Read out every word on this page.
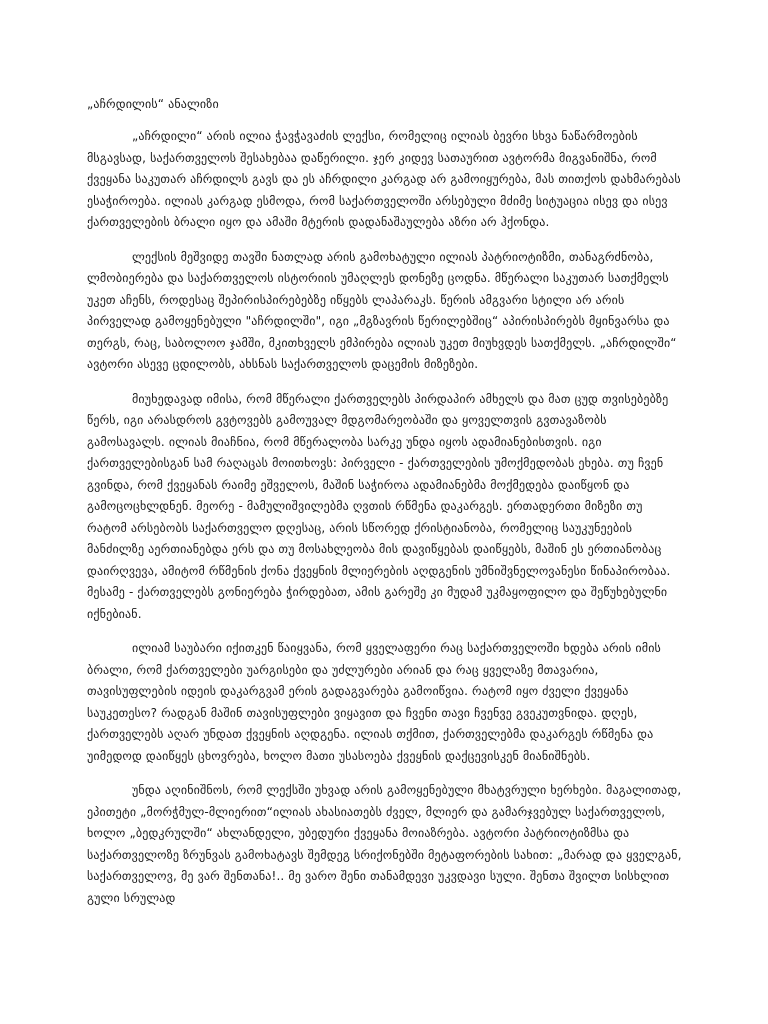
„აჩრდილის“ ანალიზი

„აჩრდილი“ არის ილია ჭავჭავაძის ლექსი, რომელიც ილიას ბევრი სხვა ნაწარმოების მსგავსად, საქართველოს შესახებაა დაწერილი. ჯერ კიდევ სათაურით ავტორმა მიგვანიშნა, რომ ქვეყანა საკუთარ აჩრდილს გავს და ეს აჩრდილი კარგად არ გამოიყურება, მას თითქოს დახმარებას ესაჭიროება. ილიას კარგად ესმოდა, რომ საქართველოში არსებული მძიმე სიტუაცია ისევ და ისევ ქართველების ბრალი იყო და ამაში მტერის დადანაშაულება აზრი არ ჰქონდა.

ლექსის მეშვიდე თავში ნათლად არის გამოხატული ილიას პატრიოტიზმი, თანაგრძნობა, ლმობიერება და საქართველოს ისტორიის უმაღლეს დონეზე ცოდნა. მწერალი საკუთარ სათქმელს უკეთ აჩენს, როდესაც შეპირისპირებებზე იწყებს ლაპარაკს. წერის ამგვარი სტილი არ არის პირველად გამოყენებული "აჩრდილში", იგი „მგზავრის წერილებშიც“ აპირისპირებს მყინვარსა და თერგს, რაც, საბოლოო ჯამში, მკითხველს ემპირება ილიას უკეთ მიუხვდეს სათქმელს. „აჩრდილში“ ავტორი ასევე ცდილობს, ახსნას საქართველოს დაცემის მიზეზები.

მიუხედავად იმისა, რომ მწერალი ქართველებს პირდაპირ ამხელს და მათ ცუდ თვისებებზე წერს, იგი არასდროს გვტოვებს გამოუვალ მდგომარეობაში და ყოველთვის გვთავაზობს გამოსავალს. ილიას მიაჩნია, რომ მწერალობა სარკე უნდა იყოს ადამიანებისთვის. იგი ქართველებისგან სამ რაღაცას მოითხოვს: პირველი - ქართველების უმოქმედობას ეხება. თუ ჩვენ გვინდა, რომ ქვეყანას რაიმე ეშველოს, მაშინ საჭიროა ადამიანებმა მოქმედება დაიწყონ და გამოცოცხლდნენ. მეორე - მამულიშვილებმა ღვთის რწმენა დაკარგეს. ერთადერთი მიზეზი თუ რატომ არსებობს საქართველო დღესაც, არის სწორედ ქრისტიანობა, რომელიც საუკუნეების მანძილზე აერთიანებდა ერს და თუ მოსახლეობა მის დავიწყებას დაიწყებს, მაშინ ეს ერთიანობაც დაირღვევა, ამიტომ რწმენის ქონა ქვეყნის მლიერების აღდგენის უმნიშვნელოვანესი წინაპირობაა. მესამე - ქართველებს გონიერება ჭირდებათ, ამის გარეშე კი მუდამ უკმაყოფილო და შეწუხებულნი იქნებიან.

ილიამ საუბარი იქითკენ წაიყვანა, რომ ყველაფერი რაც საქართველოში ხდება არის იმის ბრალი, რომ ქართველები უარგისები და უძლურები არიან და რაც ყველაზე მთავარია, თავისუფლების იდეის დაკარგვამ ერის გადაგვარება გამოიწვია. რატომ იყო ძველი ქვეყანა საუკეთესო? რადგან მაშინ თავისუფლები ვიყავით და ჩვენი თავი ჩვენვე გვეკუთვნიდა. დღეს, ქართველებს აღარ უნდათ ქვეყნის აღდგენა. ილიას თქმით, ქართველებმა დაკარგეს რწმენა და უიმედოდ დაიწყეს ცხოვრება, ხოლო მათი უსასოება ქვეყნის დაქცევისკენ მიანიშნებს.

უნდა აღინიშნოს, რომ ლექსში უხვად არის გამოყენებული მხატვრული ხერხები. მაგალითად, ეპითეტი „მორჭმულ-მლიერით“ილიას ახასიათებს ძველ, მლიერ და გამარჯვებულ საქართველოს, ხოლო „ბედკრულში“ ახლანდელი, უბედური ქვეყანა მოიაზრება. ავტორი პატრიოტიზმსა და საქართველოზე ზრუნვას გამოხატავს შემდეგ სრიქონებში მეტაფორების სახით: „მარად და ყველგან, საქართველოვ, მე ვარ შენთანა!.. მე ვარო შენი თანამდევი უკვდავი სული. შენთა შვილთ სისხლით გული სრულად
